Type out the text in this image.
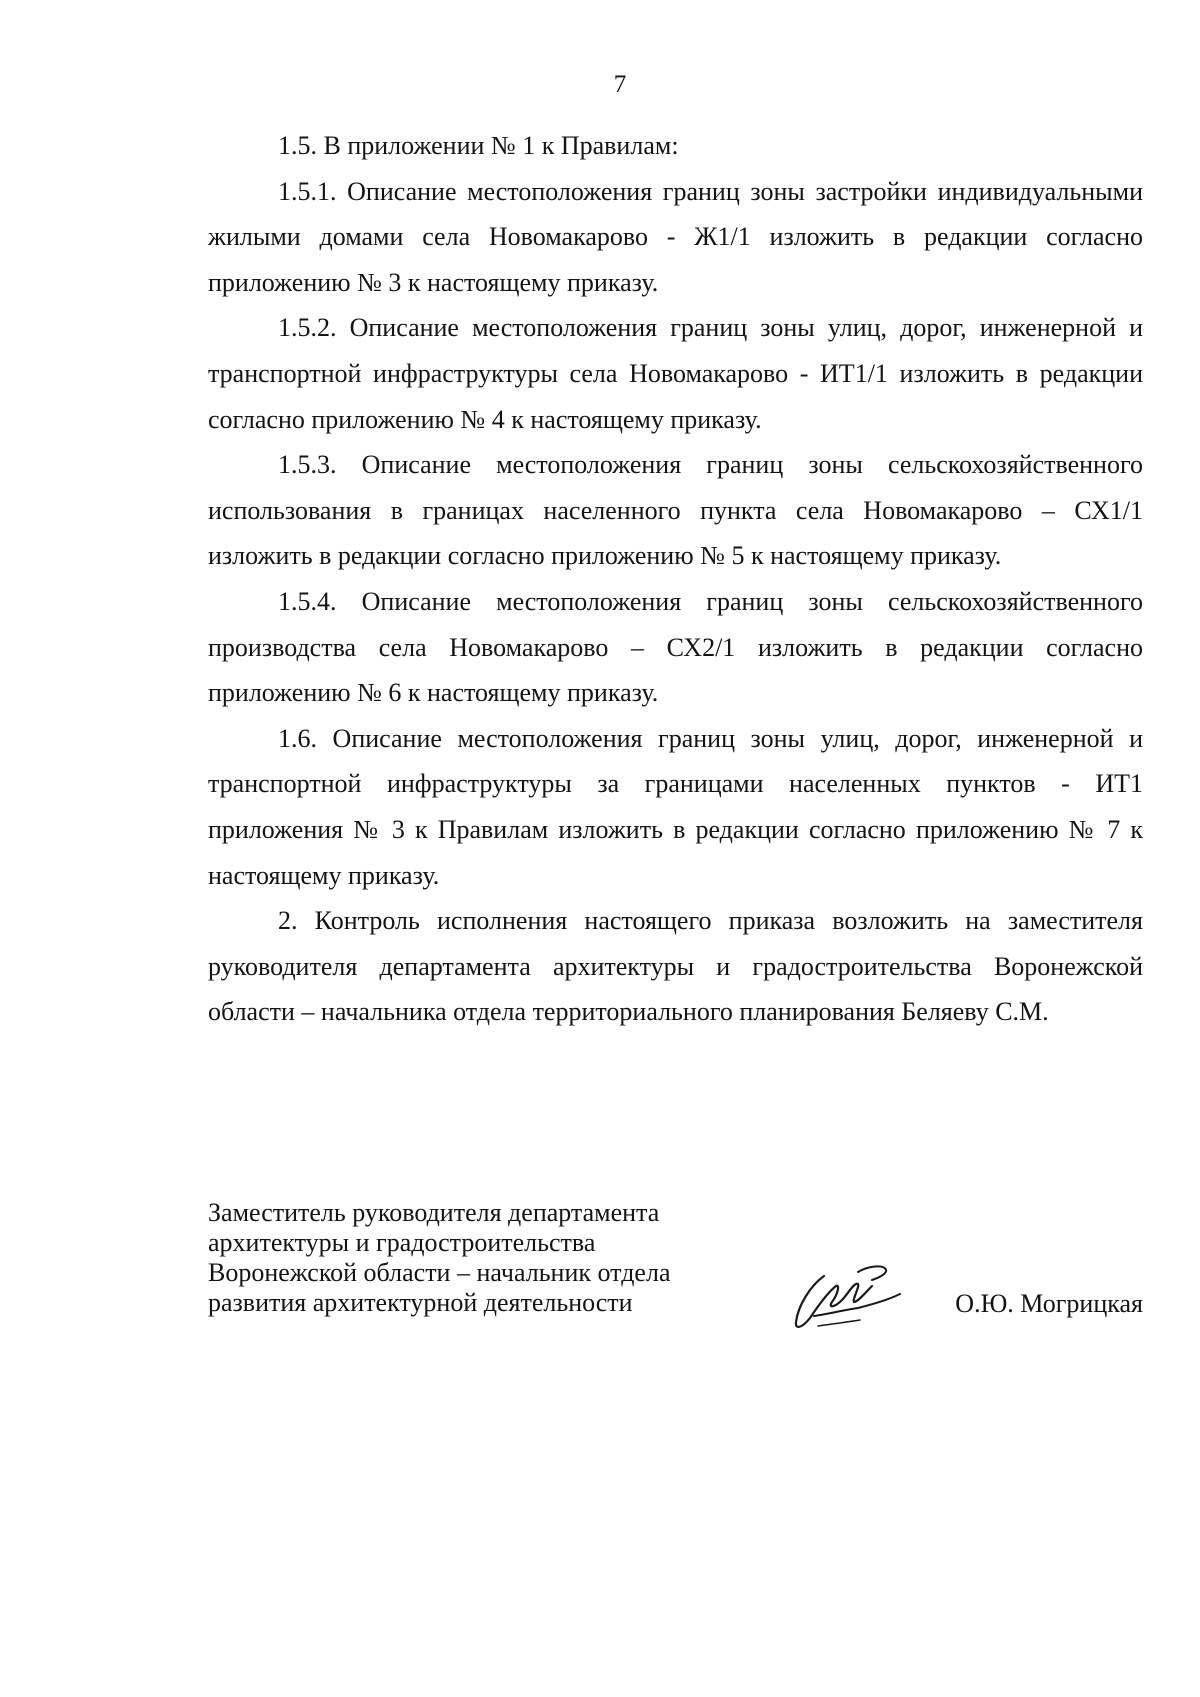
7

1.5. В приложении № 1 к Правилам:

1.5.1. Описание местоположения границ зоны застройки индивидуальными жилыми домами села Новомакарово - Ж1/1 изложить в редакции согласно приложению № 3 к настоящему приказу.

1.5.2. Описание местоположения границ зоны улиц, дорог, инженерной и транспортной инфраструктуры села Новомакарово - ИТ1/1 изложить в редакции согласно приложению № 4 к настоящему приказу.

1.5.3. Описание местоположения границ зоны сельскохозяйственного использования в границах населенного пункта села Новомакарово – СХ1/1 изложить в редакции согласно приложению № 5 к настоящему приказу.

1.5.4. Описание местоположения границ зоны сельскохозяйственного производства села Новомакарово – СХ2/1 изложить в редакции согласно приложению № 6 к настоящему приказу.

1.6. Описание местоположения границ зоны улиц, дорог, инженерной и транспортной инфраструктуры за границами населенных пунктов - ИТ1 приложения № 3 к Правилам изложить в редакции согласно приложению № 7 к настоящему приказу.

2. Контроль исполнения настоящего приказа возложить на заместителя руководителя департамента архитектуры и градостроительства Воронежской области – начальника отдела территориального планирования Беляеву С.М.

Заместитель руководителя департамента
архитектуры и градостроительства
Воронежской области – начальник отдела
развития архитектурной деятельности	О.Ю. Могрицкая
